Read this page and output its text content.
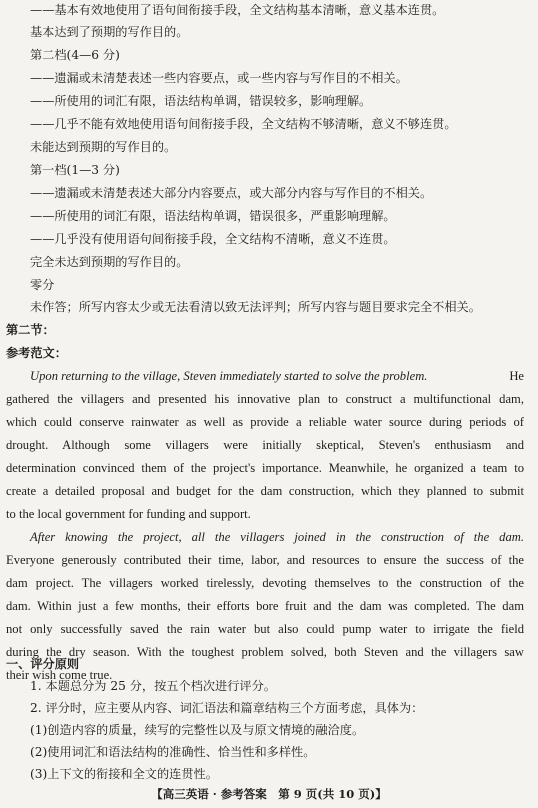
——基本有效地使用了语句间衔接手段，全文结构基本清晰，意义基本连贯。
基本达到了预期的写作目的。
第二档(4—6 分)
——遗漏或未清楚表述一些内容要点，或一些内容与写作目的不相关。
——所使用的词汇有限，语法结构单调，错误较多，影响理解。
——几乎不能有效地使用语句间衔接手段，全文结构不够清晰，意义不够连贯。
未能达到预期的写作目的。
第一档(1—3 分)
——遗漏或未清楚表述大部分内容要点，或大部分内容与写作目的不相关。
——所使用的词汇有限，语法结构单调，错误很多，严重影响理解。
——几乎没有使用语句间衔接手段，全文结构不清晰，意义不连贯。
完全未达到预期的写作目的。
零分
未作答；所写内容太少或无法看清以致无法评判；所写内容与题目要求完全不相关。
第二节：
参考范文：
Upon returning to the village, Steven immediately started to solve the problem.	He
gathered the villagers and presented his innovative plan to construct a multifunctional dam,
which could conserve rainwater as well as provide a reliable water source during periods of
drought. Although some villagers were initially skeptical, Steven's enthusiasm and
determination convinced them of the project's importance. Meanwhile, he organized a team to
create a detailed proposal and budget for the dam construction, which they planned to submit
to the local government for funding and support.
After knowing the project, all the villagers joined in the construction of the dam.
Everyone generously contributed their time, labor, and resources to ensure the success of the
dam project. The villagers worked tirelessly, devoting themselves to the construction of the
dam. Within just a few months, their efforts bore fruit and the dam was completed. The dam
not only successfully saved the rain water but also could pump water to irrigate the field
during the dry season. With the toughest problem solved, both Steven and the villagers saw
their wish come true.
一、评分原则
1. 本题总分为 25 分，按五个档次进行评分。
2. 评分时，应主要从内容、词汇语法和篇章结构三个方面考虑，具体为：
(1)创造内容的质量，续写的完整性以及与原文情境的融洽度。
【高三英语 · 参考答案　第 9 页(共 10 页)】
(2)使用词汇和语法结构的准确性、恰当性和多样性。
(3)上下文的衔接和全文的连贯性。
